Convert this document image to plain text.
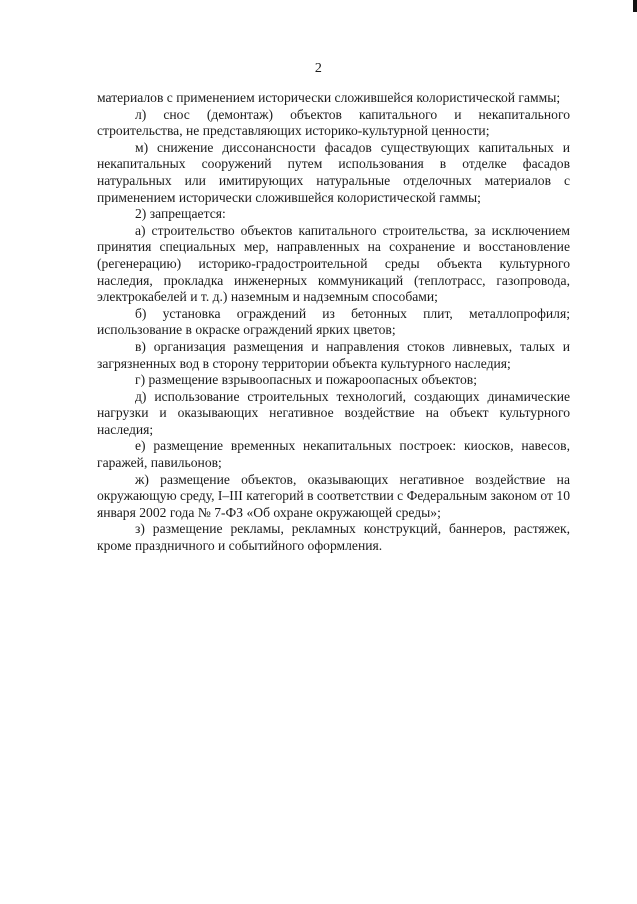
2

материалов с применением исторически сложившейся колористической гаммы;

л) снос (демонтаж) объектов капитального и некапитального строительства, не представляющих историко-культурной ценности;

м) снижение диссонансности фасадов существующих капитальных и некапитальных сооружений путем использования в отделке фасадов натуральных или имитирующих натуральные отделочных материалов с применением исторически сложившейся колористической гаммы;

2) запрещается:

а) строительство объектов капитального строительства, за исключением принятия специальных мер, направленных на сохранение и восстановление (регенерацию) историко-градостроительной среды объекта культурного наследия, прокладка инженерных коммуникаций (теплотрасс, газопровода, электрокабелей и т. д.) наземным и надземным способами;

б) установка ограждений из бетонных плит, металлопрофиля; использование в окраске ограждений ярких цветов;

в) организация размещения и направления стоков ливневых, талых и загрязненных вод в сторону территории объекта культурного наследия;

г) размещение взрывоопасных и пожароопасных объектов;

д) использование строительных технологий, создающих динамические нагрузки и оказывающих негативное воздействие на объект культурного наследия;

е) размещение временных некапитальных построек: киосков, навесов, гаражей, павильонов;

ж) размещение объектов, оказывающих негативное воздействие на окружающую среду, I–III категорий в соответствии с Федеральным законом от 10 января 2002 года № 7-ФЗ «Об охране окружающей среды»;

з) размещение рекламы, рекламных конструкций, баннеров, растяжек, кроме праздничного и событийного оформления.
